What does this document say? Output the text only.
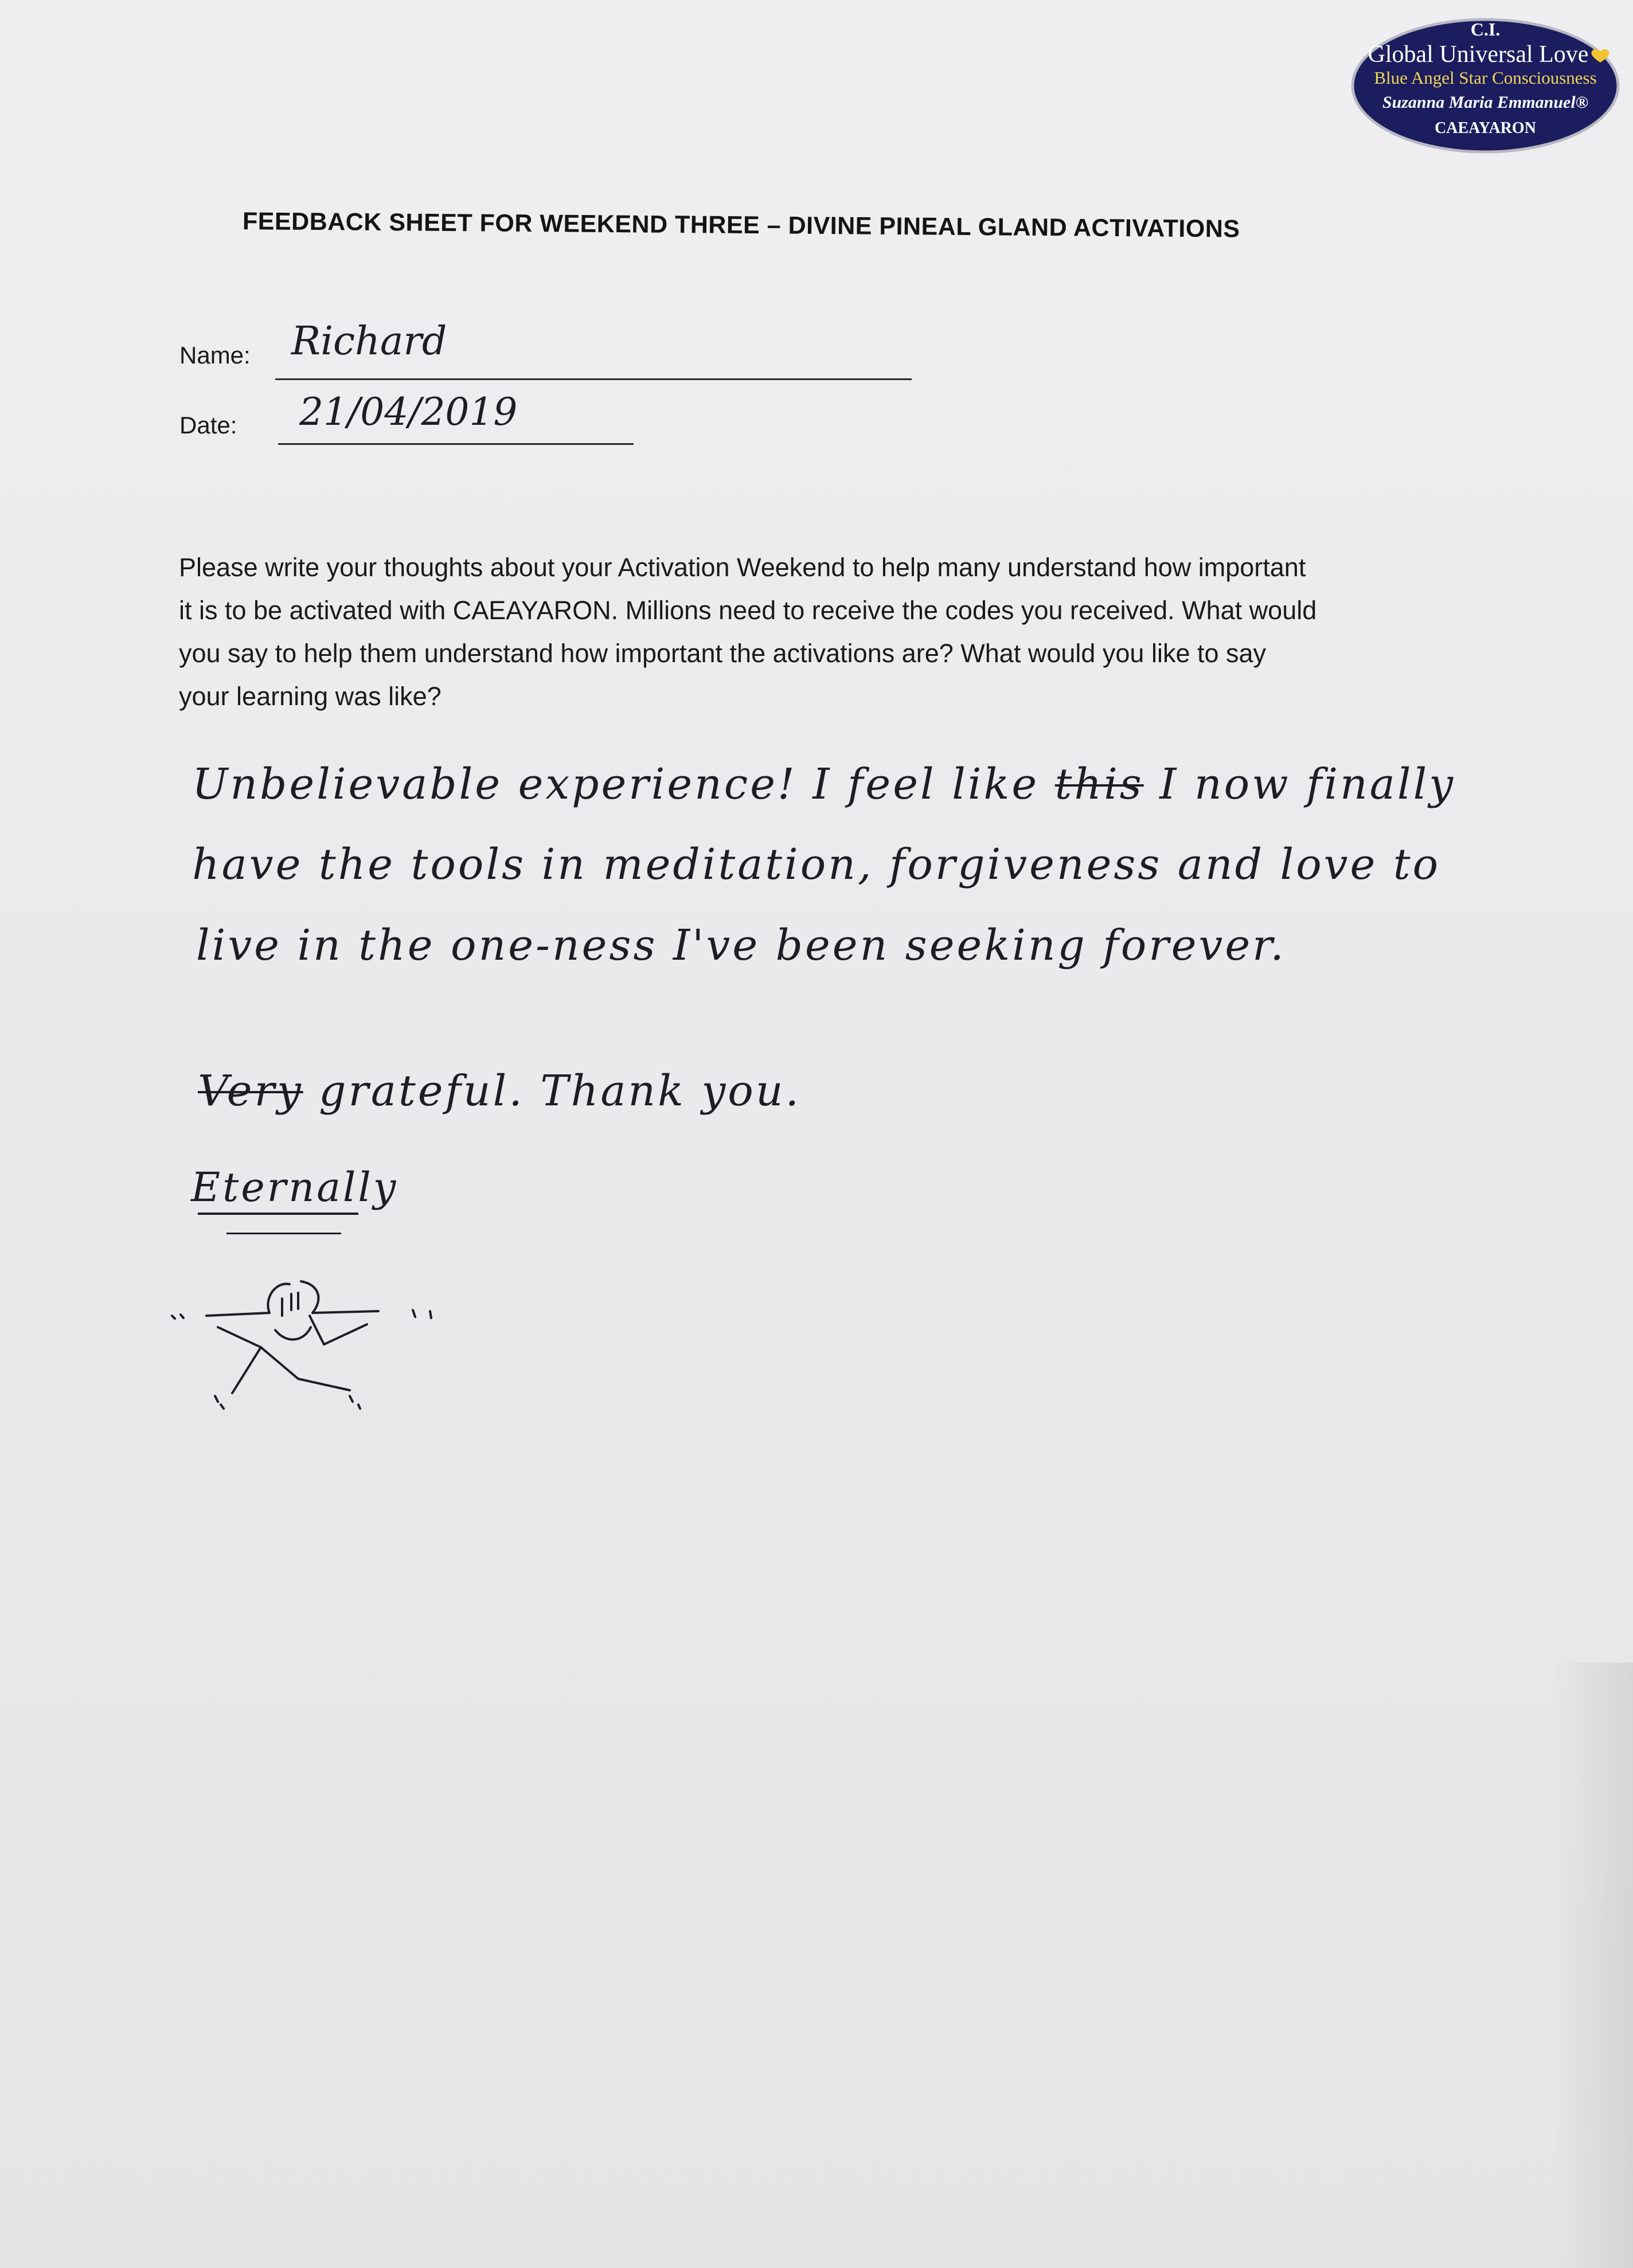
C.I.
Global Universal Love
Blue Angel Star Consciousness
Suzanna Maria Emmanuel®
CAEAYARON
FEEDBACK SHEET FOR WEEKEND THREE – DIVINE PINEAL GLAND ACTIVATIONS
Name: Richard
Date: 21/04/2019
Please write your thoughts about your Activation Weekend to help many understand how important
it is to be activated with CAEAYARON. Millions need to receive the codes you received. What would
you say to help them understand how important the activations are? What would you like to say
your learning was like?
Unbelievable experience! I feel like this I now finally
have the tools in meditation, forgiveness and love to
live in the one-ness I've been seeking forever.
Very grateful. Thank you.
Eternally
